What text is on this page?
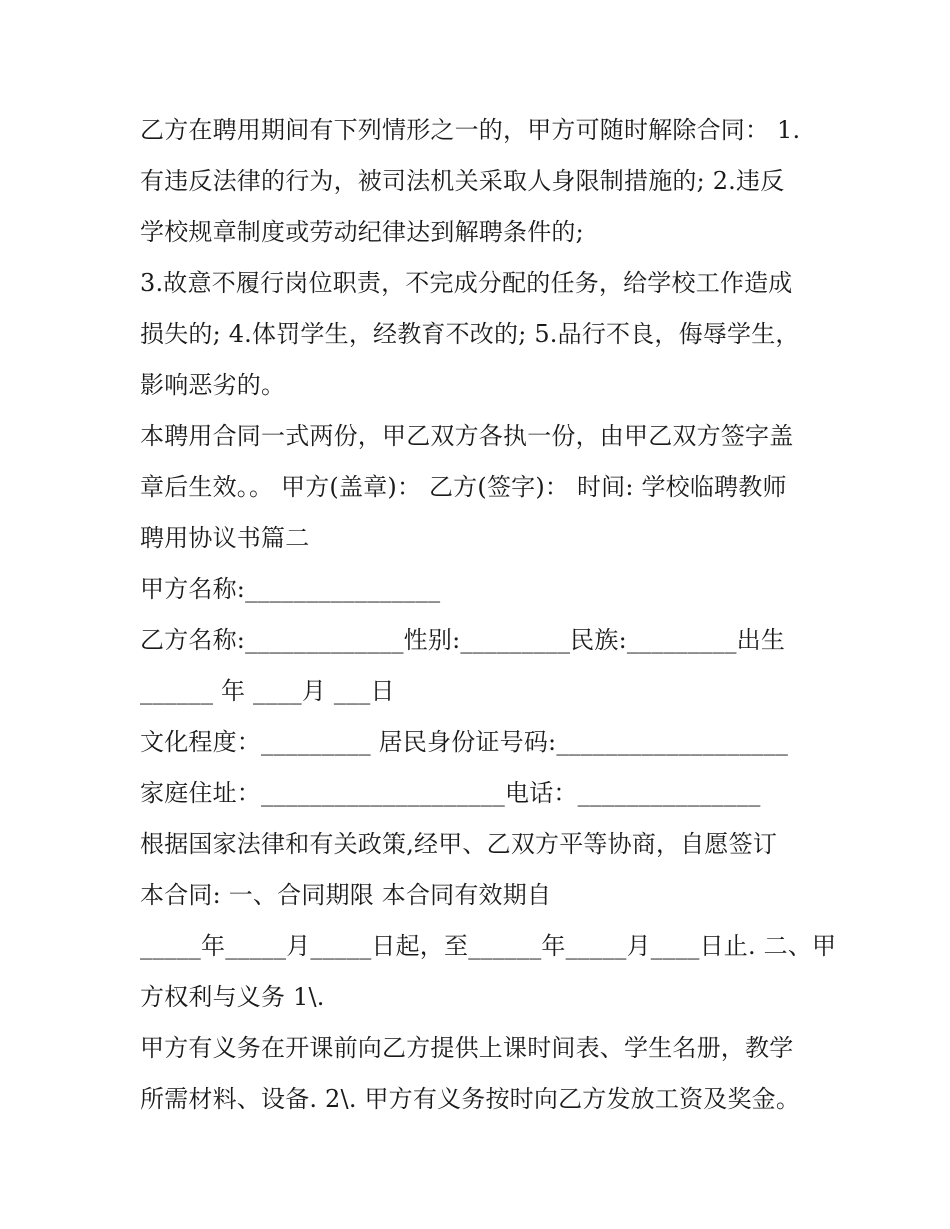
乙方在聘用期间有下列情形之一的，甲方可随时解除合同： 1.
有违反法律的行为，被司法机关采取人身限制措施的; 2.违反
学校规章制度或劳动纪律达到解聘条件的;
3.故意不履行岗位职责，不完成分配的任务，给学校工作造成
损失的; 4.体罚学生，经教育不改的; 5.品行不良，侮辱学生，
影响恶劣的。
本聘用合同一式两份，甲乙双方各执一份，由甲乙双方签字盖
章后生效。。 甲方(盖章)： 乙方(签字)： 时间: 学校临聘教师
聘用协议书篇二
甲方名称:________________
乙方名称:_____________性别:_________民族:_________出生
______ 年 ____月 ___日
文化程度：_________ 居民身份证号码:___________________
家庭住址：____________________电话：_______________
根据国家法律和有关政策,经甲、乙双方平等协商，自愿签订
本合同: 一、合同期限 本合同有效期自
_____年_____月_____日起，至______年_____月____日止. 二、甲
方权利与义务 1\.
甲方有义务在开课前向乙方提供上课时间表、学生名册，教学
所需材料、设备. 2\. 甲方有义务按时向乙方发放工资及奖金。
